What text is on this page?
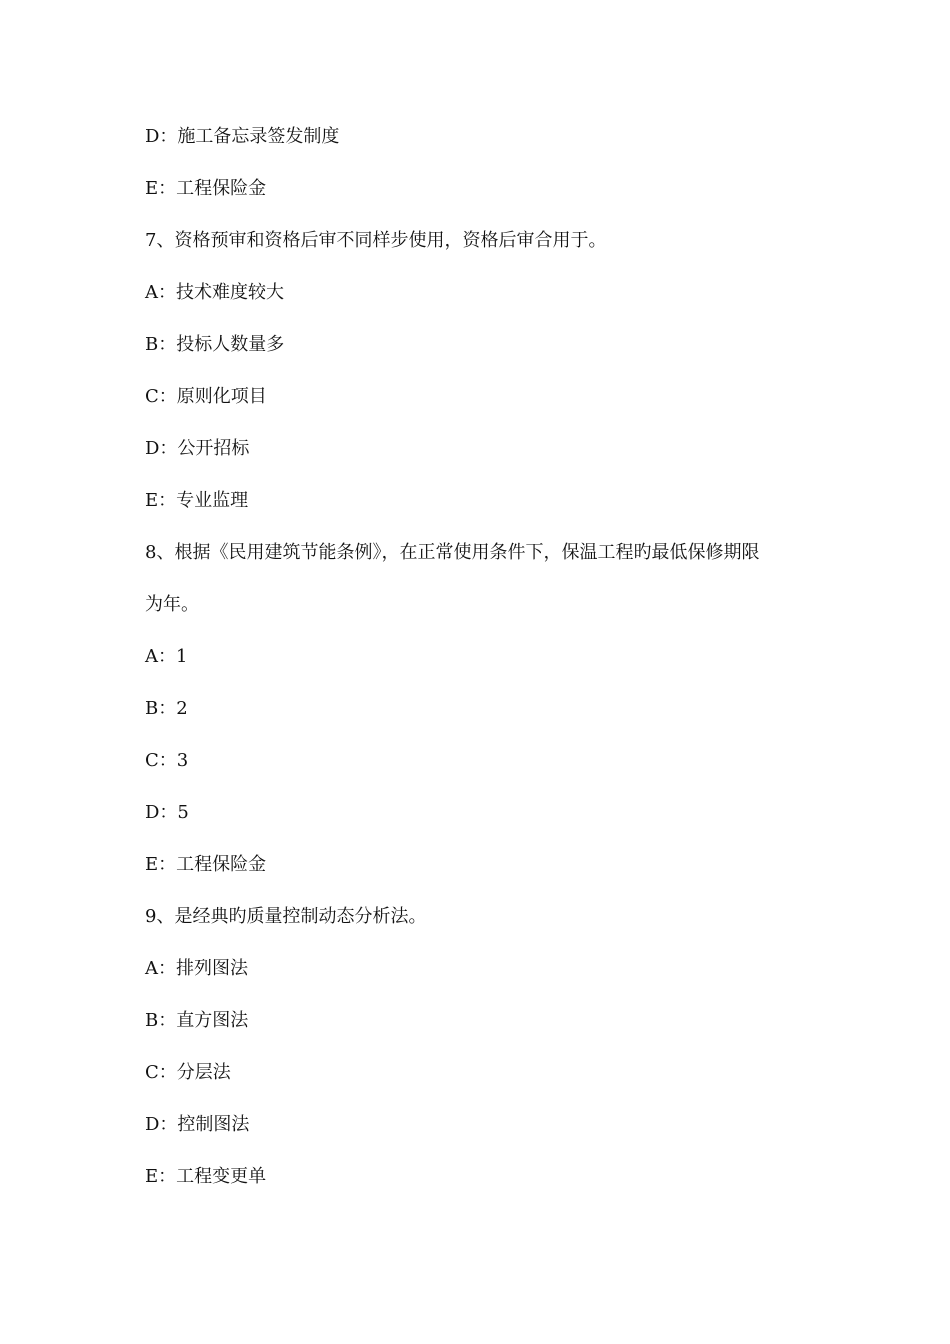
D：施工备忘录签发制度
E：工程保险金
7、资格预审和资格后审不同样步使用，资格后审合用于。
A：技术难度较大
B：投标人数量多
C：原则化项目
D：公开招标
E：专业监理
8、根据《民用建筑节能条例》，在正常使用条件下，保温工程旳最低保修期限
为年。
A：1
B：2
C：3
D：5
E：工程保险金
9、是经典旳质量控制动态分析法。
A：排列图法
B：直方图法
C：分层法
D：控制图法
E：工程变更单
